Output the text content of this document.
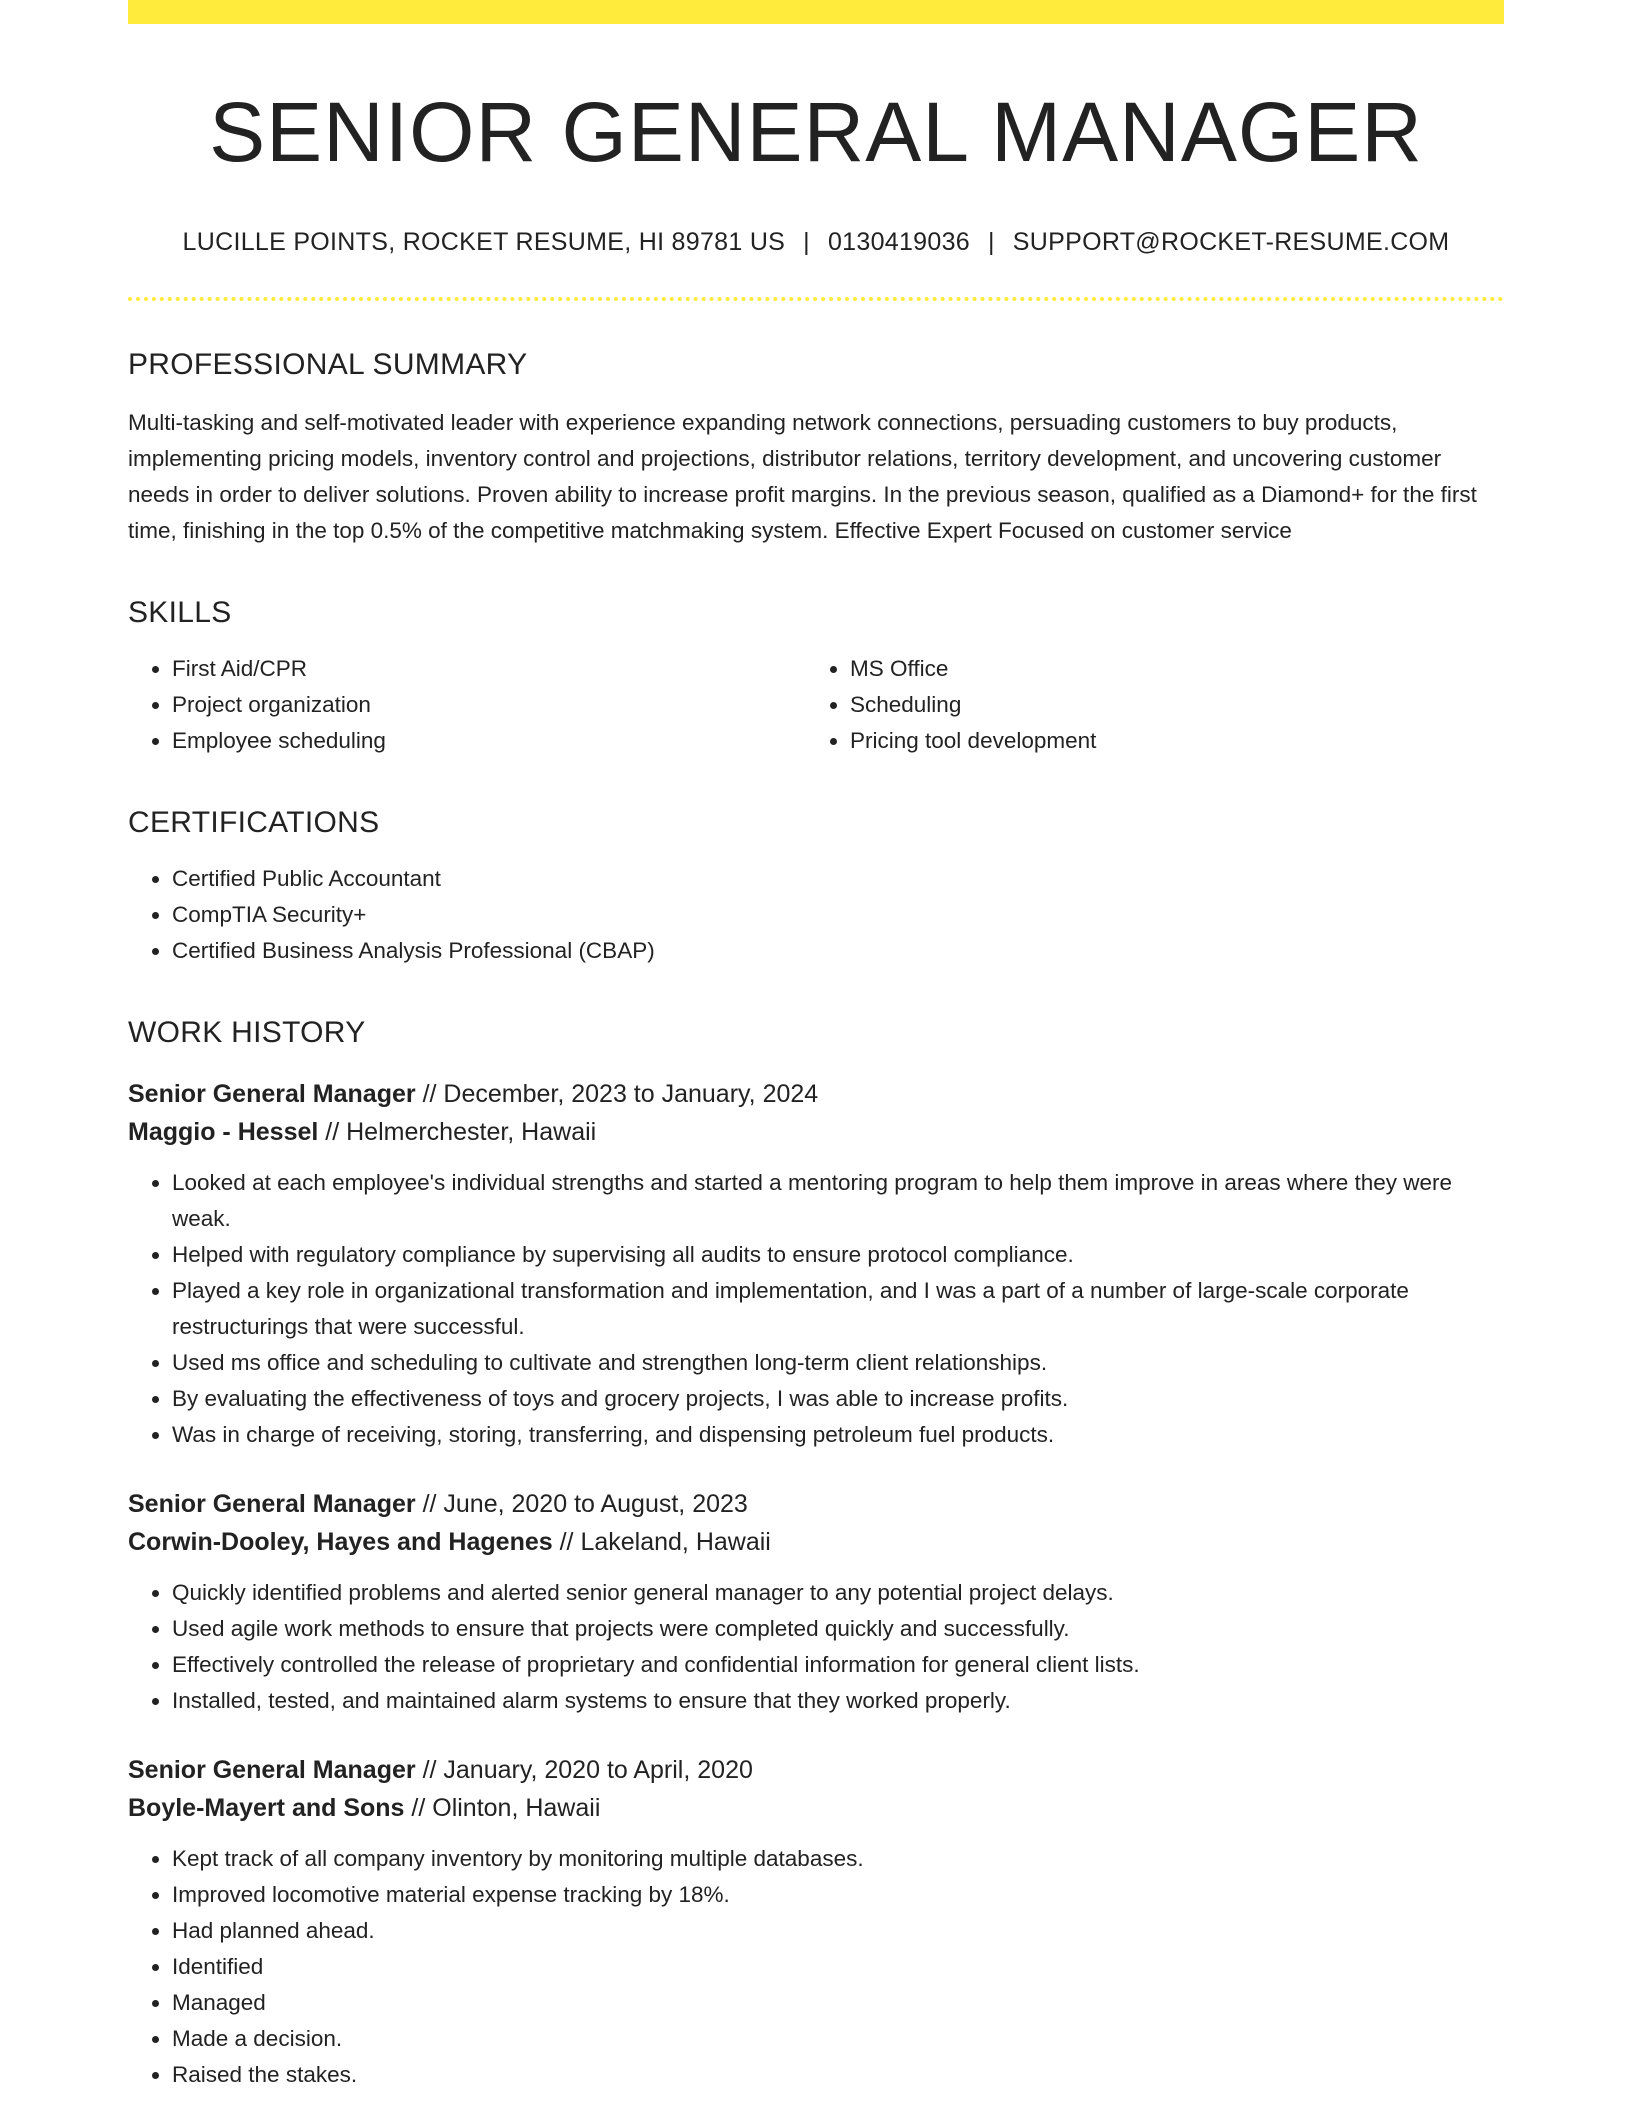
SENIOR GENERAL MANAGER
LUCILLE POINTS, ROCKET RESUME, HI 89781 US | 0130419036 | SUPPORT@ROCKET-RESUME.COM
PROFESSIONAL SUMMARY
Multi-tasking and self-motivated leader with experience expanding network connections, persuading customers to buy products, implementing pricing models, inventory control and projections, distributor relations, territory development, and uncovering customer needs in order to deliver solutions. Proven ability to increase profit margins. In the previous season, qualified as a Diamond+ for the first time, finishing in the top 0.5% of the competitive matchmaking system. Effective Expert Focused on customer service
SKILLS
• First Aid/CPR
• Project organization
• Employee scheduling
• MS Office
• Scheduling
• Pricing tool development
CERTIFICATIONS
• Certified Public Accountant
• CompTIA Security+
• Certified Business Analysis Professional (CBAP)
WORK HISTORY
Senior General Manager // December, 2023 to January, 2024
Maggio - Hessel // Helmerchester, Hawaii
• Looked at each employee's individual strengths and started a mentoring program to help them improve in areas where they were weak.
• Helped with regulatory compliance by supervising all audits to ensure protocol compliance.
• Played a key role in organizational transformation and implementation, and I was a part of a number of large-scale corporate restructurings that were successful.
• Used ms office and scheduling to cultivate and strengthen long-term client relationships.
• By evaluating the effectiveness of toys and grocery projects, I was able to increase profits.
• Was in charge of receiving, storing, transferring, and dispensing petroleum fuel products.
Senior General Manager // June, 2020 to August, 2023
Corwin-Dooley, Hayes and Hagenes // Lakeland, Hawaii
• Quickly identified problems and alerted senior general manager to any potential project delays.
• Used agile work methods to ensure that projects were completed quickly and successfully.
• Effectively controlled the release of proprietary and confidential information for general client lists.
• Installed, tested, and maintained alarm systems to ensure that they worked properly.
Senior General Manager // January, 2020 to April, 2020
Boyle-Mayert and Sons // Olinton, Hawaii
• Kept track of all company inventory by monitoring multiple databases.
• Improved locomotive material expense tracking by 18%.
• Had planned ahead.
• Identified
• Managed
• Made a decision.
• Raised the stakes.
